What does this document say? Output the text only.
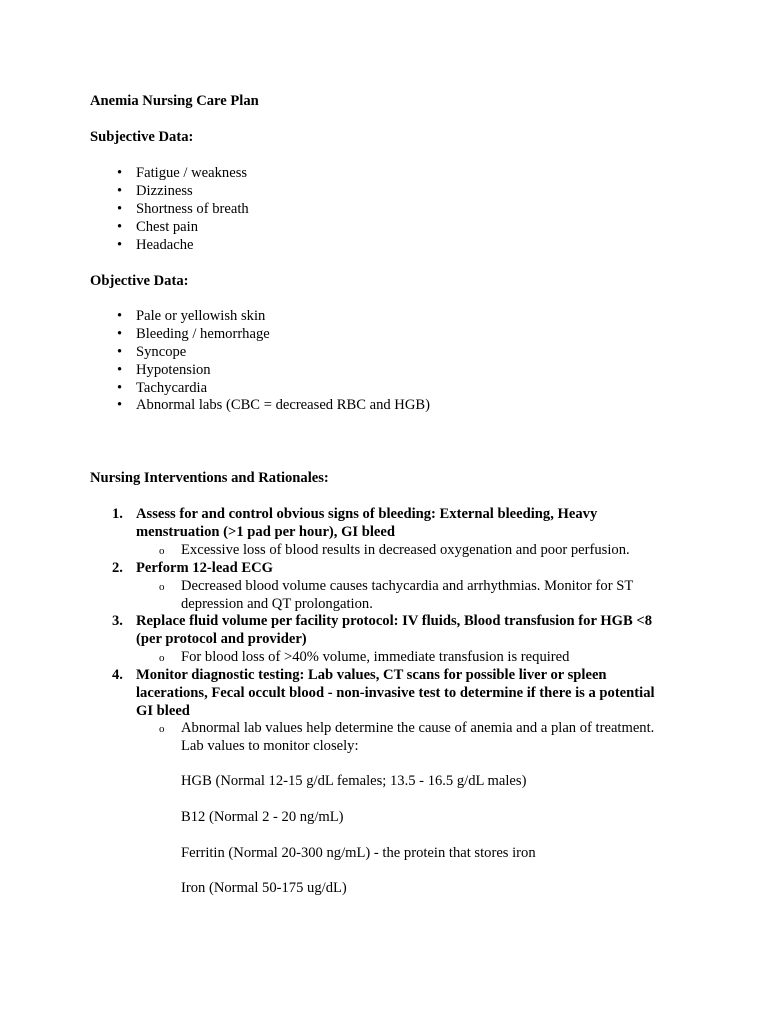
Anemia Nursing Care Plan
Subjective Data:
• Fatigue / weakness
• Dizziness
• Shortness of breath
• Chest pain
• Headache
Objective Data:
• Pale or yellowish skin
• Bleeding / hemorrhage
• Syncope
• Hypotension
• Tachycardia
• Abnormal labs (CBC = decreased RBC and HGB)
Nursing Interventions and Rationales:
1. Assess for and control obvious signs of bleeding: External bleeding, Heavy
menstruation (>1 pad per hour), GI bleed
o Excessive loss of blood results in decreased oxygenation and poor perfusion.
2. Perform 12-lead ECG
o Decreased blood volume causes tachycardia and arrhythmias. Monitor for ST
depression and QT prolongation.
3. Replace fluid volume per facility protocol: IV fluids, Blood transfusion for HGB <8
(per protocol and provider)
o For blood loss of >40% volume, immediate transfusion is required
4. Monitor diagnostic testing: Lab values, CT scans for possible liver or spleen
lacerations, Fecal occult blood - non-invasive test to determine if there is a potential
GI bleed
o Abnormal lab values help determine the cause of anemia and a plan of treatment.
Lab values to monitor closely:
HGB (Normal 12-15 g/dL females; 13.5 - 16.5 g/dL males)
B12 (Normal 2 - 20 ng/mL)
Ferritin (Normal 20-300 ng/mL) - the protein that stores iron
Iron (Normal 50-175 ug/dL)
